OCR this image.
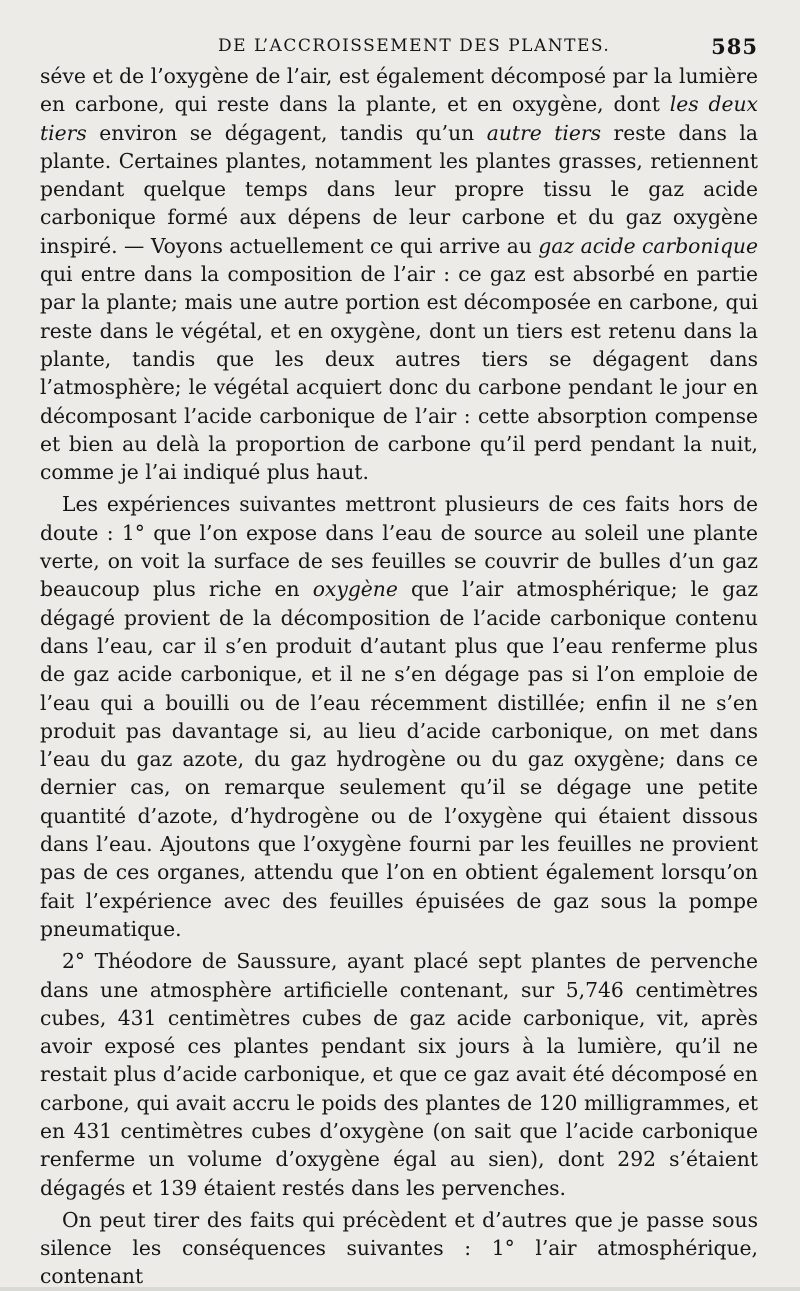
DE L’ACCROISSEMENT DES PLANTES.	585

séve et de l’oxygène de l’air, est également décomposé par la lumière en carbone, qui reste dans la plante, et en oxygène, dont les deux tiers environ se dégagent, tandis qu’un autre tiers reste dans la plante. Certaines plantes, notamment les plantes grasses, retiennent pendant quelque temps dans leur propre tissu le gaz acide carbonique formé aux dépens de leur carbone et du gaz oxygène inspiré. — Voyons actuellement ce qui arrive au gaz acide carbonique qui entre dans la composition de l’air : ce gaz est absorbé en partie par la plante; mais une autre portion est décomposée en carbone, qui reste dans le végétal, et en oxygène, dont un tiers est retenu dans la plante, tandis que les deux autres tiers se dégagent dans l’atmosphère; le végétal acquiert donc du carbone pendant le jour en décomposant l’acide carbonique de l’air : cette absorption compense et bien au delà la proportion de carbone qu’il perd pendant la nuit, comme je l’ai indiqué plus haut.

Les expériences suivantes mettront plusieurs de ces faits hors de doute : 1° que l’on expose dans l’eau de source au soleil une plante verte, on voit la surface de ses feuilles se couvrir de bulles d’un gaz beaucoup plus riche en oxygène que l’air atmosphérique; le gaz dégagé provient de la décomposition de l’acide carbonique contenu dans l’eau, car il s’en produit d’autant plus que l’eau renferme plus de gaz acide carbonique, et il ne s’en dégage pas si l’on emploie de l’eau qui a bouilli ou de l’eau récemment distillée; enfin il ne s’en produit pas davantage si, au lieu d’acide carbonique, on met dans l’eau du gaz azote, du gaz hydrogène ou du gaz oxygène; dans ce dernier cas, on remarque seulement qu’il se dégage une petite quantité d’azote, d’hydrogène ou de l’oxygène qui étaient dissous dans l’eau. Ajoutons que l’oxygène fourni par les feuilles ne provient pas de ces organes, attendu que l’on en obtient également lorsqu’on fait l’expérience avec des feuilles épuisées de gaz sous la pompe pneumatique.

2° Théodore de Saussure, ayant placé sept plantes de pervenche dans une atmosphère artificielle contenant, sur 5,746 centimètres cubes, 431 centimètres cubes de gaz acide carbonique, vit, après avoir exposé ces plantes pendant six jours à la lumière, qu’il ne restait plus d’acide carbonique, et que ce gaz avait été décomposé en carbone, qui avait accru le poids des plantes de 120 milligrammes, et en 431 centimètres cubes d’oxygène (on sait que l’acide carbonique renferme un volume d’oxygène égal au sien), dont 292 s’étaient dégagés et 139 étaient restés dans les pervenches.

On peut tirer des faits qui précèdent et d’autres que je passe sous silence les conséquences suivantes : 1° l’air atmosphérique, contenant
